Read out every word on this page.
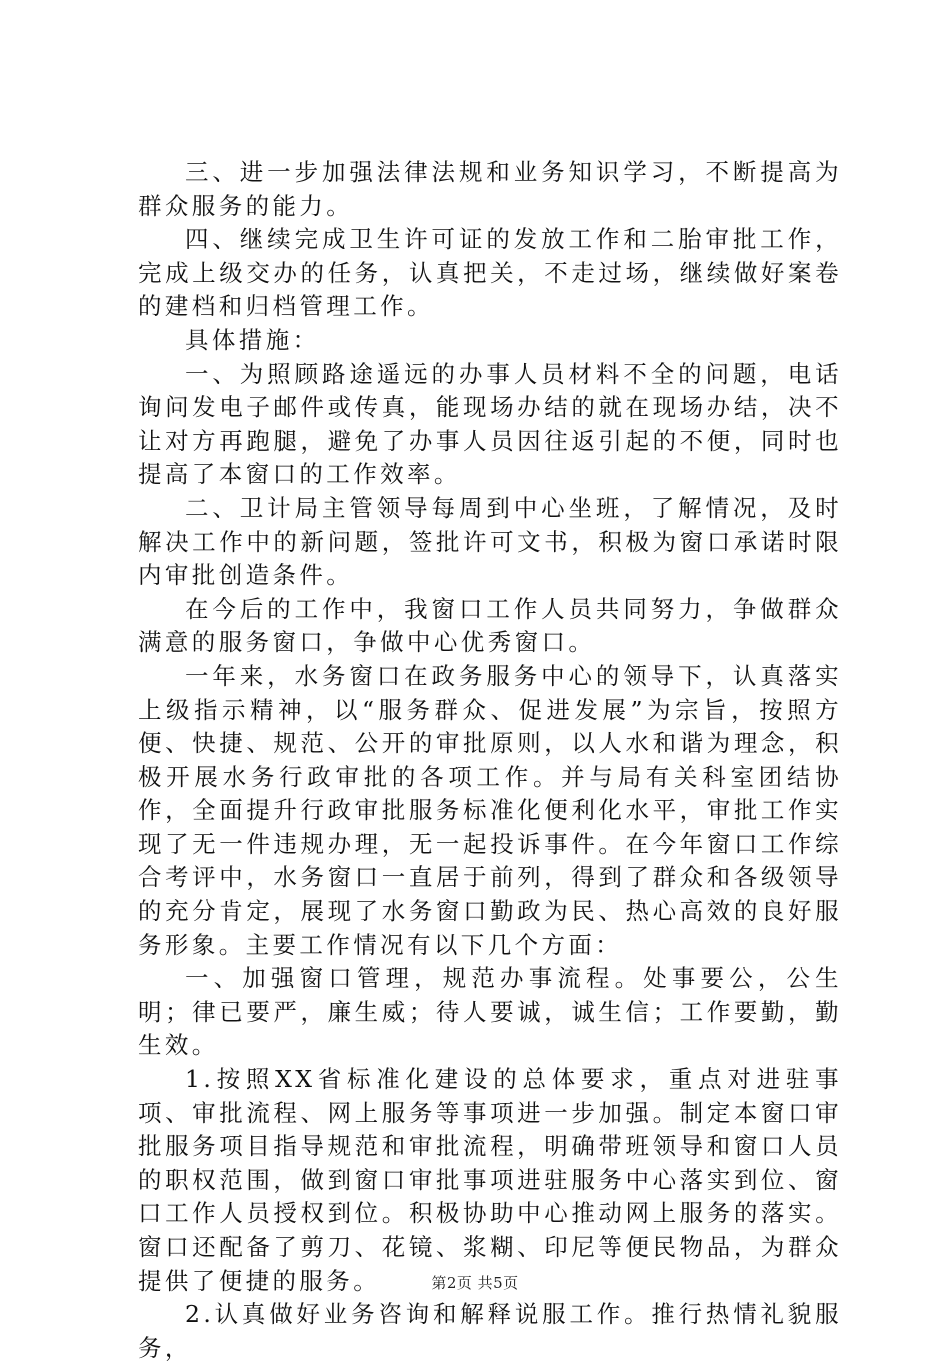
三、进一步加强法律法规和业务知识学习，不断提高为群众服务的能力。

四、继续完成卫生许可证的发放工作和二胎审批工作，完成上级交办的任务，认真把关，不走过场，继续做好案卷的建档和归档管理工作。

具体措施：

一、为照顾路途遥远的办事人员材料不全的问题，电话询问发电子邮件或传真，能现场办结的就在现场办结，决不让对方再跑腿，避免了办事人员因往返引起的不便，同时也提高了本窗口的工作效率。

二、卫计局主管领导每周到中心坐班，了解情况，及时解决工作中的新问题，签批许可文书，积极为窗口承诺时限内审批创造条件。

在今后的工作中，我窗口工作人员共同努力，争做群众满意的服务窗口，争做中心优秀窗口。

一年来，水务窗口在政务服务中心的领导下，认真落实上级指示精神，以“服务群众、促进发展”为宗旨，按照方便、快捷、规范、公开的审批原则，以人水和谐为理念，积极开展水务行政审批的各项工作。并与局有关科室团结协作，全面提升行政审批服务标准化便利化水平，审批工作实现了无一件违规办理，无一起投诉事件。在今年窗口工作综合考评中，水务窗口一直居于前列，得到了群众和各级领导的充分肯定，展现了水务窗口勤政为民、热心高效的良好服务形象。主要工作情况有以下几个方面：

一、加强窗口管理，规范办事流程。处事要公，公生明；律已要严，廉生威；待人要诚，诚生信；工作要勤，勤生效。

1.按照XX省标准化建设的总体要求，重点对进驻事项、审批流程、网上服务等事项进一步加强。制定本窗口审批服务项目指导规范和审批流程，明确带班领导和窗口人员的职权范围，做到窗口审批事项进驻服务中心落实到位、窗口工作人员授权到位。积极协助中心推动网上服务的落实。窗口还配备了剪刀、花镜、浆糊、印尼等便民物品，为群众提供了便捷的服务。

2.认真做好业务咨询和解释说服工作。推行热情礼貌服务，

第2页 共5页
